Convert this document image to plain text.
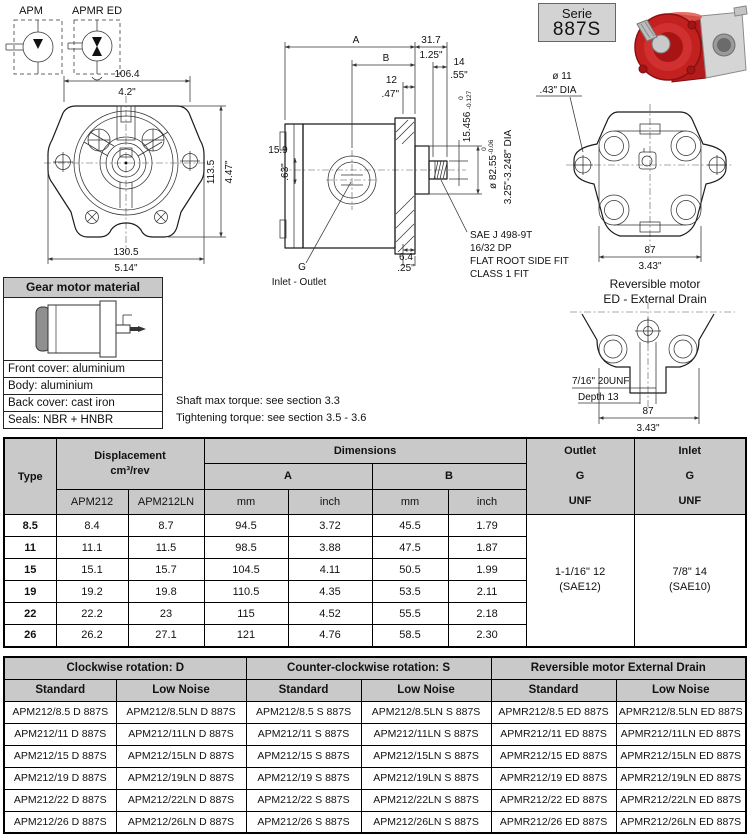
APM	APMR ED
106.4
4.2"
113.5 4.47"
130.5
5.14"
A	31.7
1.25"
B	14
.55"
12
.47"
15.9
.63"
6.4
.25"
G
Inlet - Outlet
15.456
0 -0.127
ø 82.55
0 -0.06 3.25"-3.248" DIA
SAE J 498-9T
16/32 DP
FLAT ROOT SIDE FIT
CLASS 1 FIT
ø 11
.43" DIA
87
3.43"
Reversible motor
ED - External Drain
7/16" 20UNF
Depth 13
87
3.43"
Serie
887S
Gear motor material
Front cover: aluminium
Body: aluminium
Back cover: cast iron
Seals: NBR + HNBR
Shaft max torque: see section 3.3
Tightening torque: see section 3.5 - 3.6
Type	
Displacement
cm³/rev
	Dimensions	Outlet
G
UNF

Inlet
G
UNF

			A		B			
	APM212	APM212LN	mm	inch	mm	inch		
8.5	8.4	8.7	94.5	3.72	45.5	1.79	
1-1/16" 12
(SAE12)

7/8" 14
(SAE10)

11	11.1	11.5	98.5	3.88	47.5	1.87		
15	15.1	15.7	104.5	4.11	50.5	1.99		
19	19.2	19.8	110.5	4.35	53.5	2.11		
22	22.2	23	115	4.52	55.5	2.18		
26	26.2	27.1	121	4.76	58.5	2.30		
Clockwise rotation: D		Counter-clockwise rotation: S		Reversible motor External Drain	
Standard	Low Noise	Standard	Low Noise	Standard	Low Noise
APM212/8.5 D 887S	APM212/8.5LN D 887S	APM212/8.5 S 887S	APM212/8.5LN S 887S	APMR212/8.5 ED 887S	APMR212/8.5LN ED 887S
APM212/11 D 887S	APM212/11LN D 887S	APM212/11 S 887S	APM212/11LN S 887S	APMR212/11 ED 887S	APMR212/11LN ED 887S
APM212/15 D 887S	APM212/15LN D 887S	APM212/15 S 887S	APM212/15LN S 887S	APMR212/15 ED 887S	APMR212/15LN ED 887S
APM212/19 D 887S	APM212/19LN D 887S	APM212/19 S 887S	APM212/19LN S 887S	APMR212/19 ED 887S	APMR212/19LN ED 887S
APM212/22 D 887S	APM212/22LN D 887S	APM212/22 S 887S	APM212/22LN S 887S	APMR212/22 ED 887S	APMR212/22LN ED 887S
APM212/26 D 887S	APM212/26LN D 887S	APM212/26 S 887S	APM212/26LN S 887S	APMR212/26 ED 887S	APMR212/26LN ED 887S
